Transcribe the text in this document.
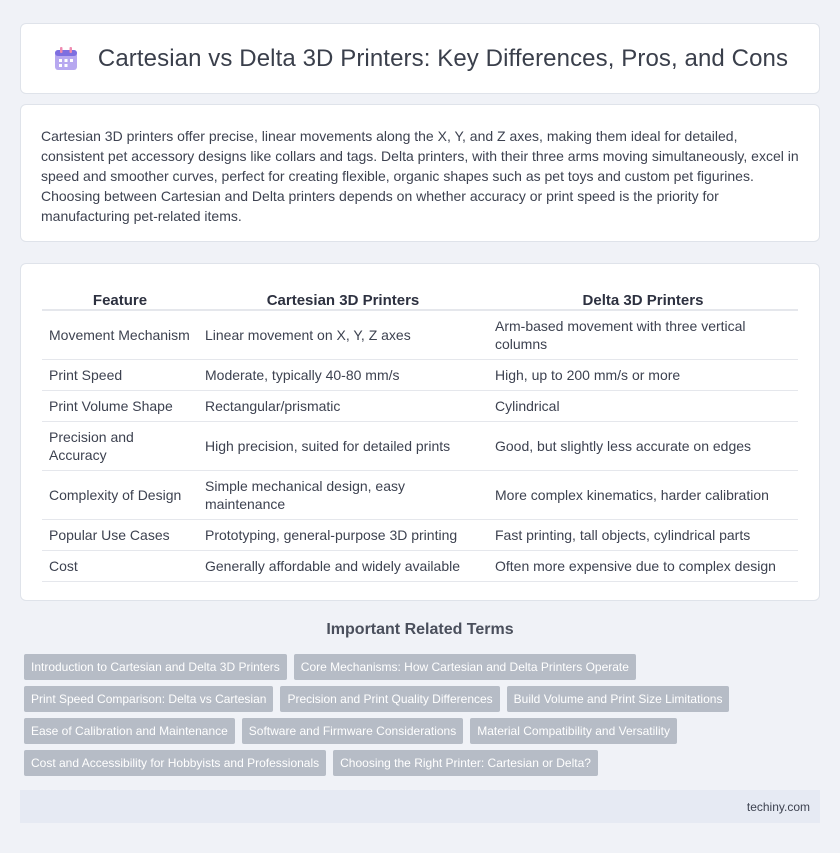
Cartesian vs Delta 3D Printers: Key Differences, Pros, and Cons

Cartesian 3D printers offer precise, linear movements along the X, Y, and Z axes, making them ideal for detailed, consistent pet accessory designs like collars and tags. Delta printers, with their three arms moving simultaneously, excel in speed and smoother curves, perfect for creating flexible, organic shapes such as pet toys and custom pet figurines. Choosing between Cartesian and Delta printers depends on whether accuracy or print speed is the priority for manufacturing pet-related items.

Feature	Cartesian 3D Printers	Delta 3D Printers
Movement Mechanism	Linear movement on X, Y, Z axes	Arm-based movement with three vertical columns
Print Speed	Moderate, typically 40-80 mm/s	High, up to 200 mm/s or more
Print Volume Shape	Rectangular/prismatic	Cylindrical
Precision and Accuracy	High precision, suited for detailed prints	Good, but slightly less accurate on edges
Complexity of Design	Simple mechanical design, easy maintenance	More complex kinematics, harder calibration
Popular Use Cases	Prototyping, general-purpose 3D printing	Fast printing, tall objects, cylindrical parts
Cost	Generally affordable and widely available	Often more expensive due to complex design
Important Related Terms
Introduction to Cartesian and Delta 3D Printers	Core Mechanisms: How Cartesian and Delta Printers Operate
Print Speed Comparison: Delta vs Cartesian	Precision and Print Quality Differences	Build Volume and Print Size Limitations
Ease of Calibration and Maintenance	Software and Firmware Considerations	Material Compatibility and Versatility
Cost and Accessibility for Hobbyists and Professionals	Choosing the Right Printer: Cartesian or Delta?
techiny.com
